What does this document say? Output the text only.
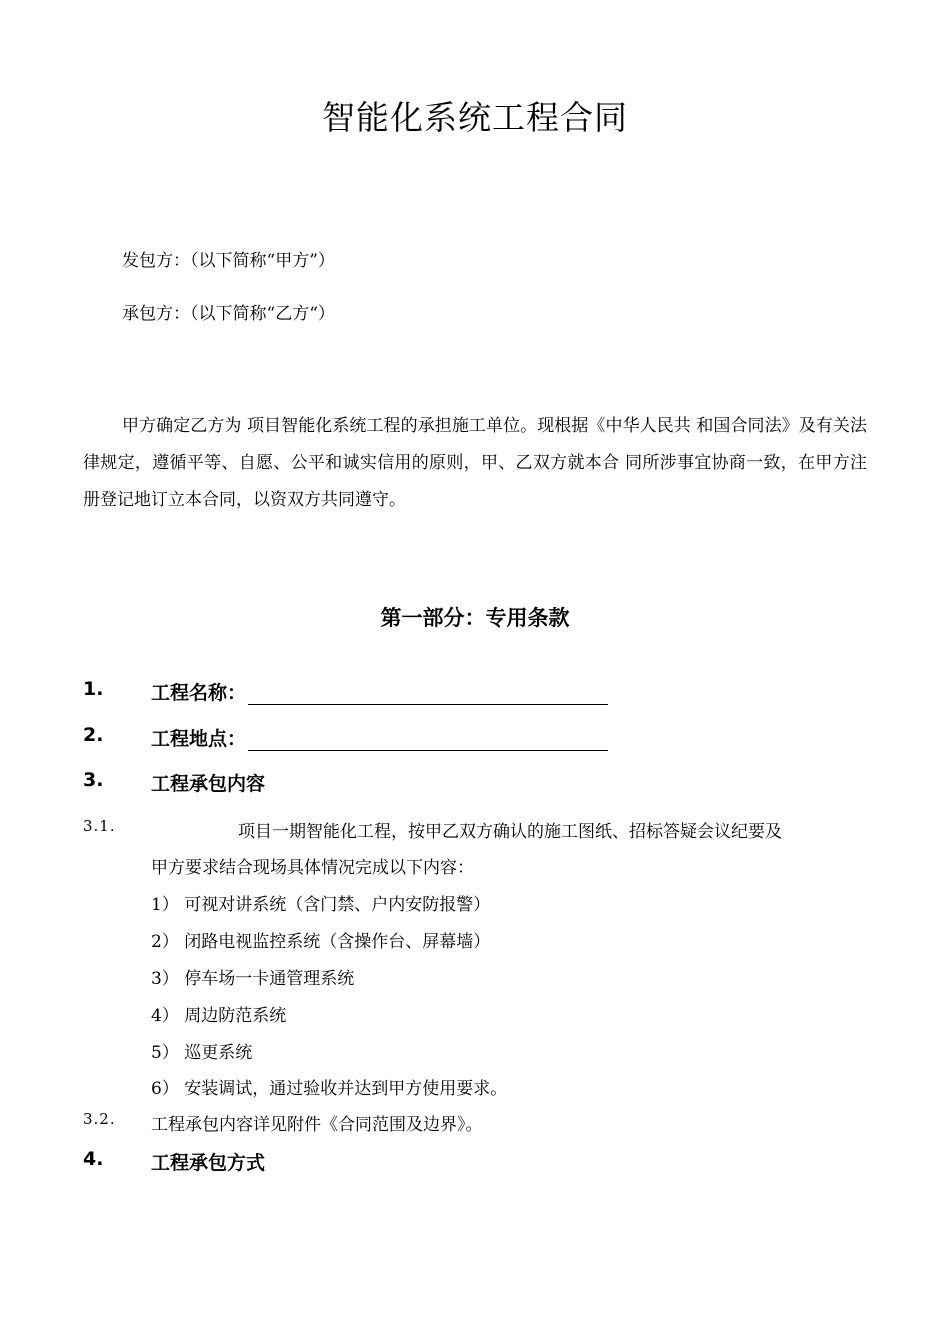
智能化系统工程合同
发包方：（以下简称“甲方”）
承包方：（以下简称“乙方“）
甲方确定乙方为 项目智能化系统工程的承担施工单位。现根据《中华人民共 和国合同法》及有关法律规定，遵循平等、自愿、公平和诚实信用的原则，甲、乙双方就本合 同所涉事宜协商一致，在甲方注册登记地订立本合同，以资双方共同遵守。
第一部分：专用条款
1.	工程名称：
2.	工程地点：
3.	工程承包内容
3.1.	项目一期智能化工程，按甲乙双方确认的施工图纸、招标答疑会议纪要及
甲方要求结合现场具体情况完成以下内容：
1） 可视对讲系统（含门禁、户内安防报警）
2） 闭路电视监控系统（含操作台、屏幕墙）
3） 停车场一卡通管理系统
4） 周边防范系统
5） 巡更系统
6） 安装调试，通过验收并达到甲方使用要求。
3.2. 工程承包内容详见附件《合同范围及边界》。
4.	工程承包方式
